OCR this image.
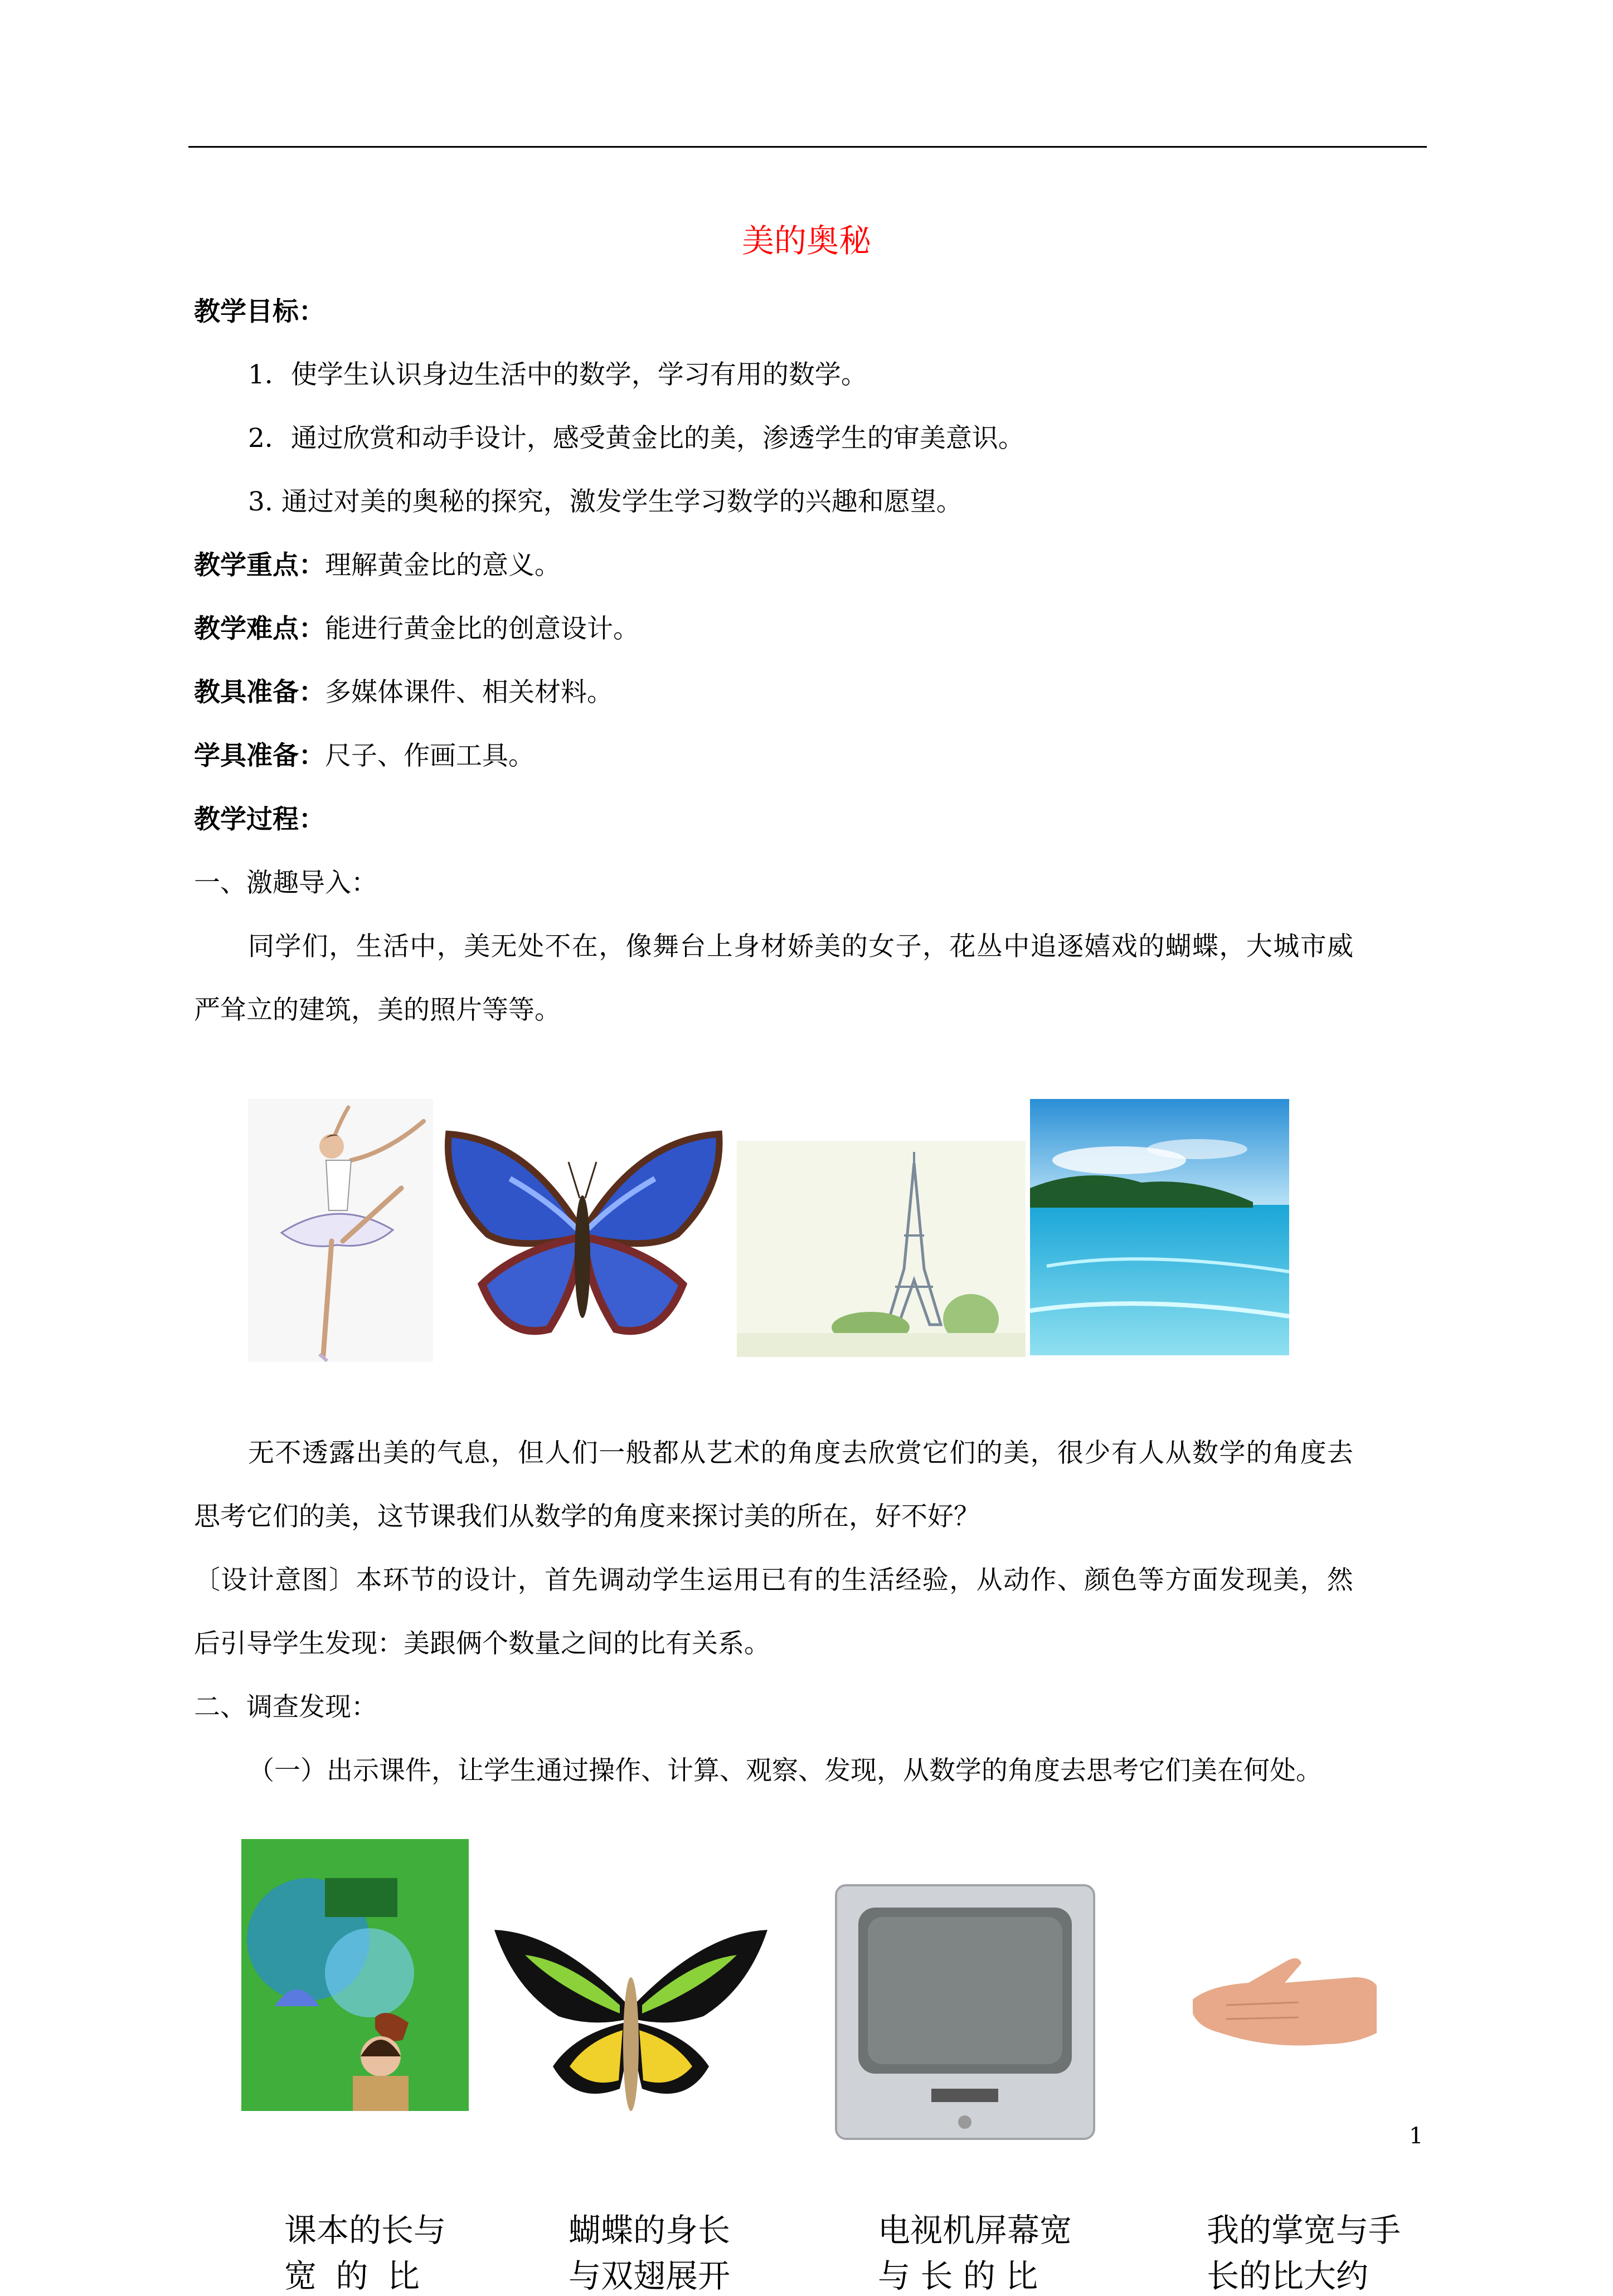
美的奥秘
教学目标：
1．使学生认识身边生活中的数学，学习有用的数学。
2．通过欣赏和动手设计，感受黄金比的美，渗透学生的审美意识。
3. 通过对美的奥秘的探究，激发学生学习数学的兴趣和愿望。
教学重点：理解黄金比的意义。
教学难点：能进行黄金比的创意设计。
教具准备：多媒体课件、相关材料。
学具准备：尺子、作画工具。
教学过程：
一、激趣导入：
同学们，生活中，美无处不在，像舞台上身材娇美的女子，花丛中追逐嬉戏的蝴蝶，大城市威
严耸立的建筑，美的照片等等。
无不透露出美的气息，但人们一般都从艺术的角度去欣赏它们的美，很少有人从数学的角度去
思考它们的美，这节课我们从数学的角度来探讨美的所在，好不好？
〔设计意图〕本环节的设计，首先调动学生运用已有的生活经验，从动作、颜色等方面发现美，然
后引导学生发现：美跟俩个数量之间的比有关系。
二、调查发现：
（一）出示课件，让学生通过操作、计算、观察、发现，从数学的角度去思考它们美在何处。
1
课本的长与
宽 的 比
蝴蝶的身长
与双翅展开
电视机屏幕宽
与 长 的 比
我的掌宽与手
长的比大约
